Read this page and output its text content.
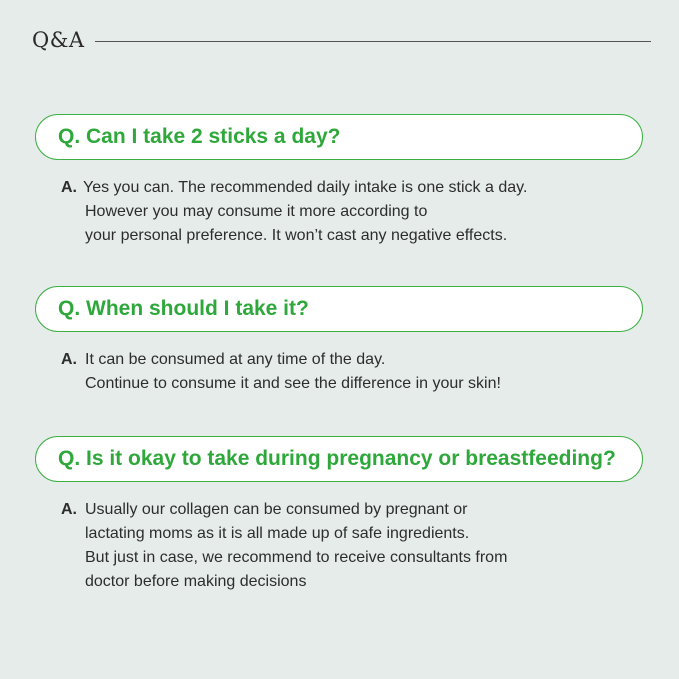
Q&A
Q. Can I take 2 sticks a day?
A. Yes you can. The recommended daily intake is one stick a day.
However you may consume it more according to
your personal preference. It won’t cast any negative effects.
Q. When should I take it?
A. It can be consumed at any time of the day.
Continue to consume it and see the difference in your skin!
Q. Is it okay to take during pregnancy or breastfeeding?
A. Usually our collagen can be consumed by pregnant or
lactating moms as it is all made up of safe ingredients.
But just in case, we recommend to receive consultants from
doctor before making decisions
